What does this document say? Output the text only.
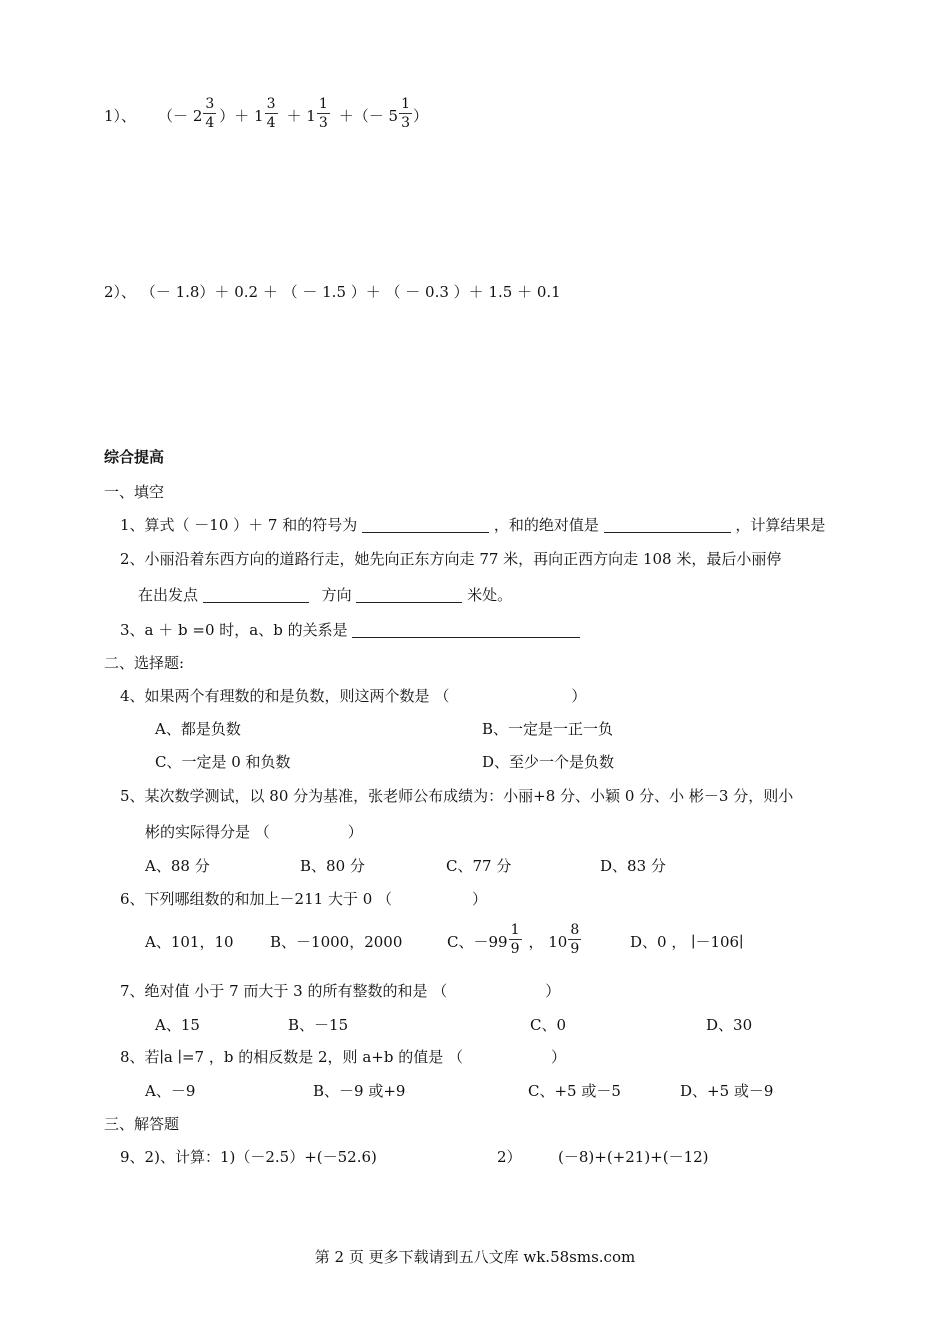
1）、 （－ $2 \frac{3}{4}$ ）＋ $1 \frac{3}{4} + 1 \frac{1}{3}$ ＋（－ $5 \frac{1}{3}$ ）
2）、 （－ 1.8）＋ 0.2 ＋ （ － 1.5 ）＋ （ － 0.3 ）＋ 1.5 ＋ 0.1
综合提高
一、填空
1、算式（ －10 ）＋ 7 和的符号为	，和的绝对值是	，计算结果是
2、小丽沿着东西方向的道路行走，她先向正东方向走 77 米，再向正西方向走 108 米，最后小丽停
在出发点	方向	米处。
3、a ＋ b =0 时，a、b 的关系是
二、选择题:
4、如果两个有理数的和是负数，则这两个数是 （	）
A、都是负数	B、一定是一正一负
C、一定是 0 和负数	D、至少一个是负数
5、某次数学测试，以 80 分为基准，张老师公布成绩为：小丽+8 分、小颖 0 分、小 彬－3 分，则小
彬的实际得分是 （	）
A、88 分	B、80 分	C、77 分	D、83 分
6、下列哪组数的和加上－211 大于 0 （	）
A、101，10 B、－1000，2000	C、$-99 \frac{1}{9}$ ， $10 \frac{8}{9}$	D、0 ， ∣－106∣
7、绝对值 小于 7 而大于 3 的所有整数的和是 （	）
A、15	B、－15	C、0	D、30
8、若∣a ∣=7 ，b 的相反数是 2，则 a+b 的值是 （	）
A、－9	B、－9 或+9	C、+5 或－5	D、+5 或－9
三、解答题
9、2)、计算：1)（－2.5）+(－52.6)	2） (－8)+(+21)+(－12)
第 2 页 更多下载请到五八文库 wk.58sms.com
